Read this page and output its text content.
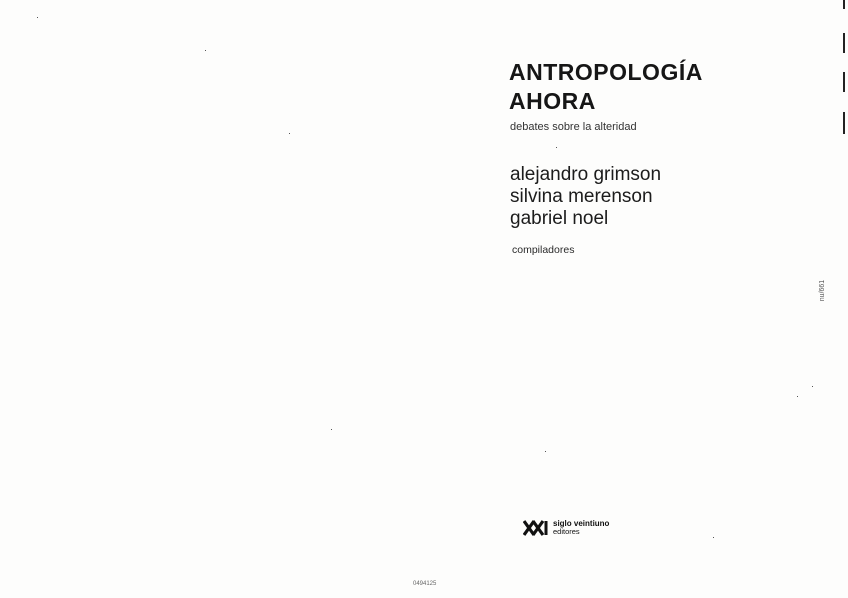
ANTROPOLOGÍA
AHORA
debates sobre la alteridad
alejandro grimson
silvina merenson
gabriel noel
compiladores
nu/661
siglo veintiuno
editores
0494125
